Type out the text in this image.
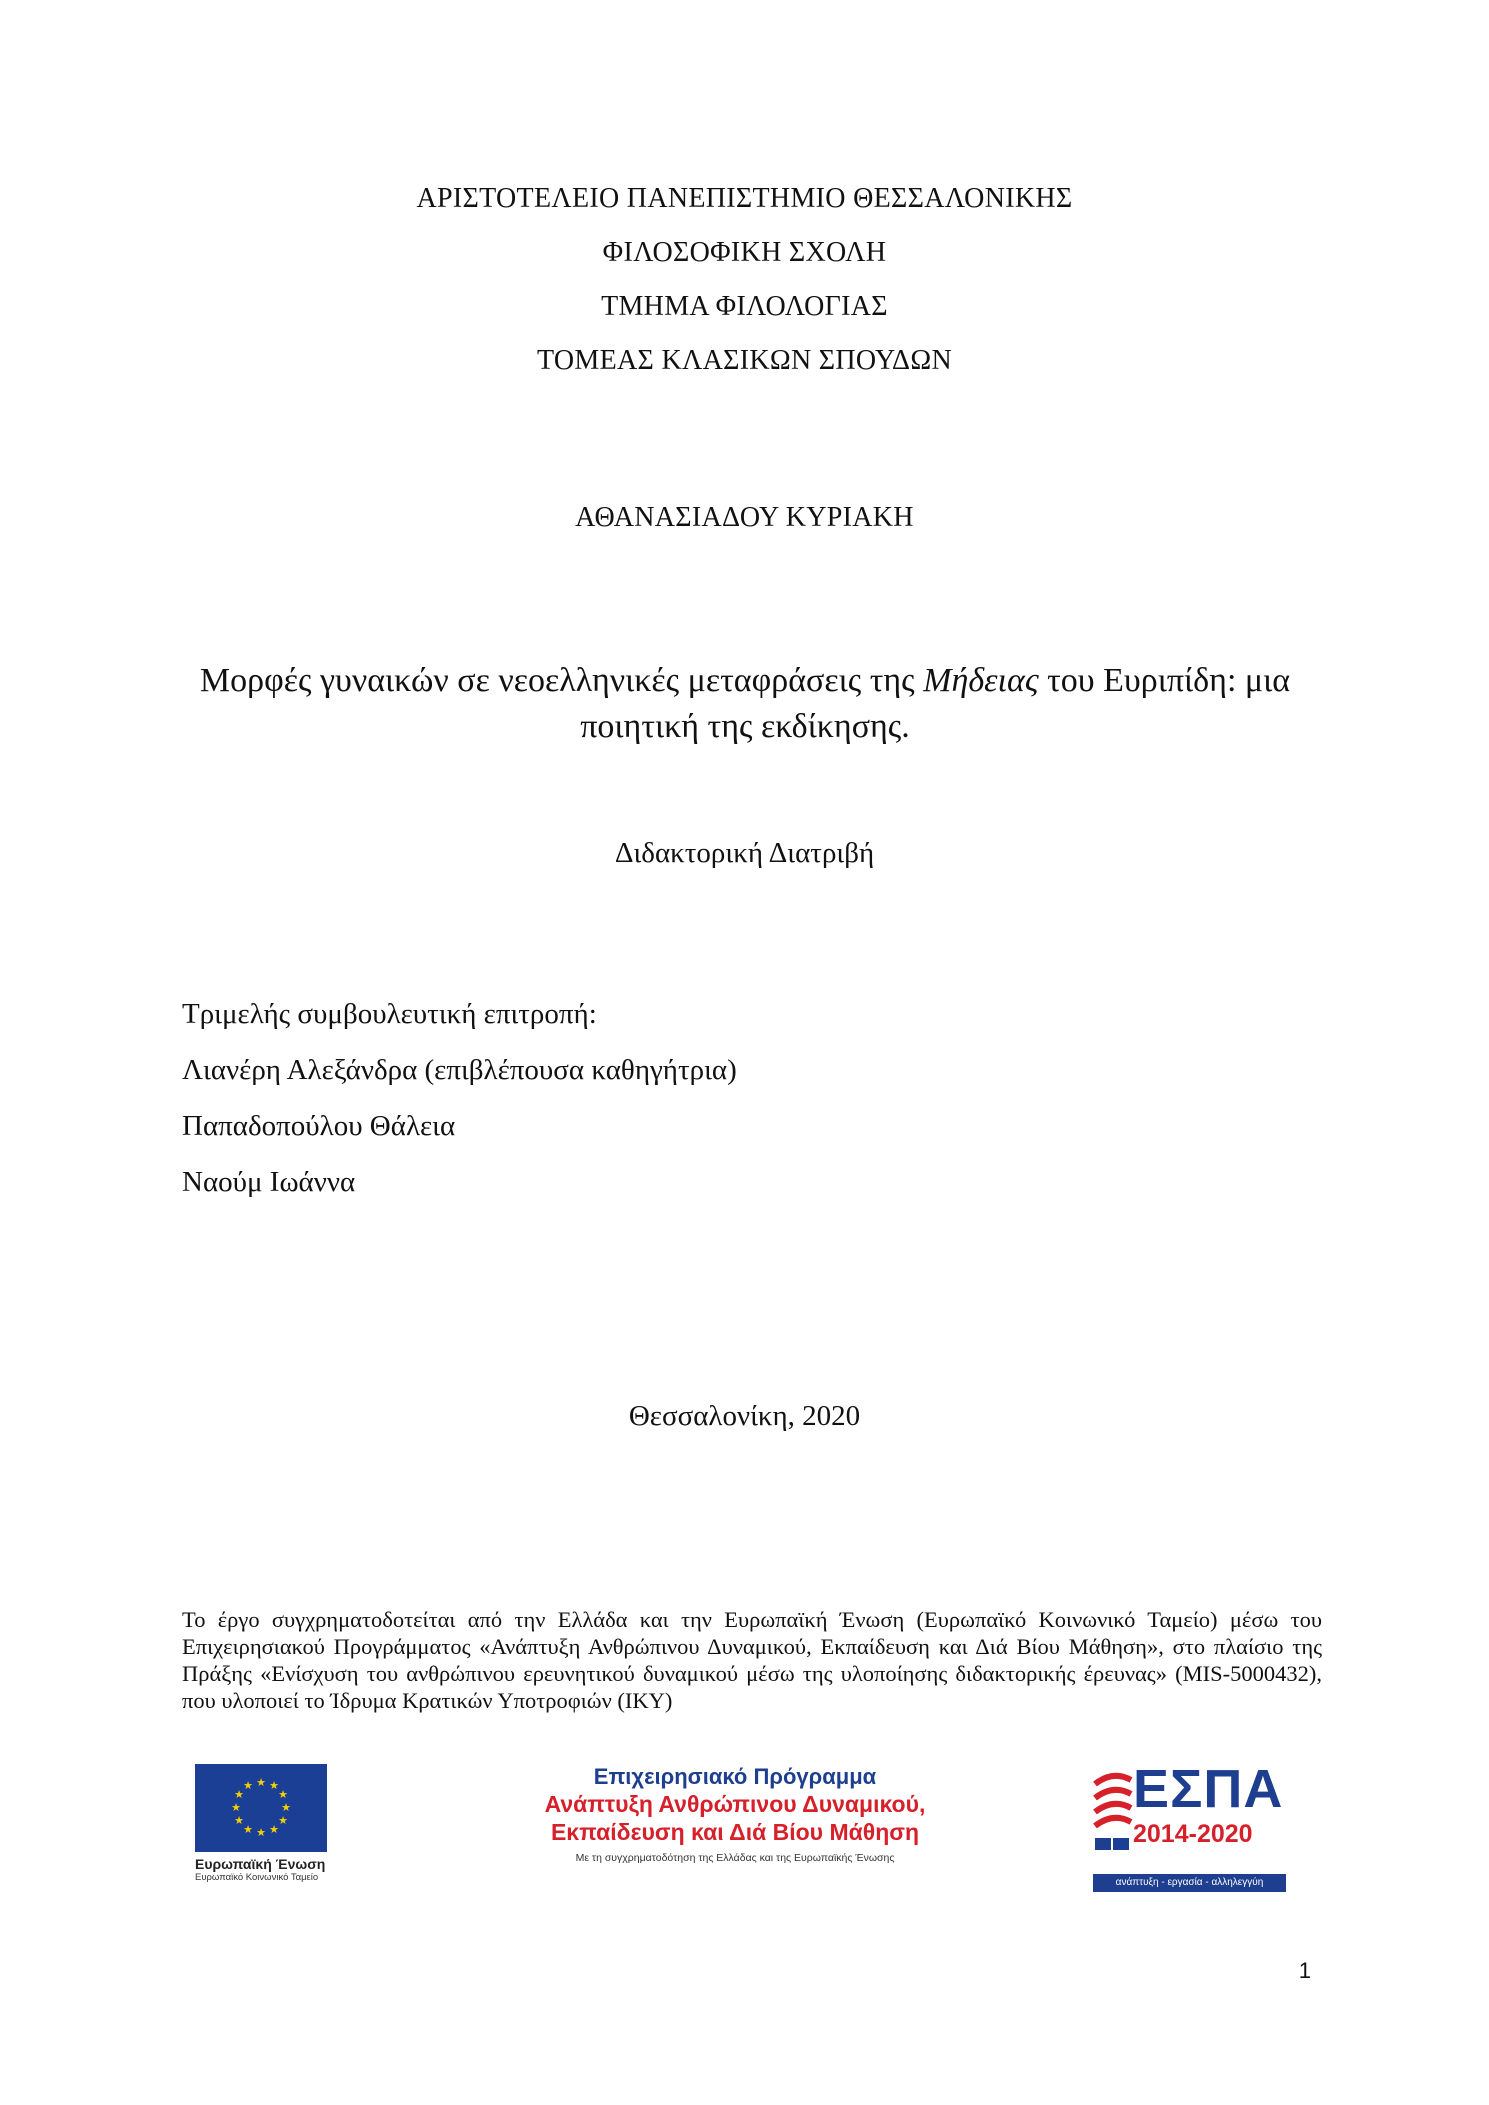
ΑΡΙΣΤΟΤΕΛΕΙΟ ΠΑΝΕΠΙΣΤΗΜΙΟ ΘΕΣΣΑΛΟΝΙΚΗΣ
ΦΙΛΟΣΟΦΙΚΗ ΣΧΟΛΗ
ΤΜΗΜΑ ΦΙΛΟΛΟΓΙΑΣ
ΤΟΜΕΑΣ ΚΛΑΣΙΚΩΝ ΣΠΟΥΔΩΝ
ΑΘΑΝΑΣΙΑΔΟΥ ΚΥΡΙΑΚΗ
Μορφές γυναικών σε νεοελληνικές μεταφράσεις της Μήδειας του Ευριπίδη: μια ποιητική της εκδίκησης.
Διδακτορική Διατριβή
Τριμελής συμβουλευτική επιτροπή:
Λιανέρη Αλεξάνδρα (επιβλέπουσα καθηγήτρια)
Παπαδοπούλου Θάλεια
Ναούμ Ιωάννα
Θεσσαλονίκη, 2020
Το έργο συγχρηματοδοτείται από την Ελλάδα και την Ευρωπαϊκή Ένωση (Ευρωπαϊκό Κοινωνικό Ταμείο) μέσω του Επιχειρησιακού Προγράμματος «Ανάπτυξη Ανθρώπινου Δυναμικού, Εκπαίδευση και Διά Βίου Μάθηση», στο πλαίσιο της Πράξης «Ενίσχυση του ανθρώπινου ερευνητικού δυναμικού μέσω της υλοποίησης διδακτορικής έρευνας» (MIS-5000432), που υλοποιεί το Ίδρυμα Κρατικών Υποτροφιών (ΙΚΥ)
★ ★
★
★
★
★
★
★
★
★
★
★
Ευρωπαϊκή Ένωση
Ευρωπαϊκό Κοινωνικό Ταμείο
Επιχειρησιακό Πρόγραμμα
Ανάπτυξη Ανθρώπινου Δυναμικού,
Εκπαίδευση και Διά Βίου Μάθηση
Με τη συγχρηματοδότηση της Ελλάδας και της Ευρωπαϊκής Ένωσης
ΕΣΠΑ
2014-2020
ανάπτυξη - εργασία - αλληλεγγύη
1
